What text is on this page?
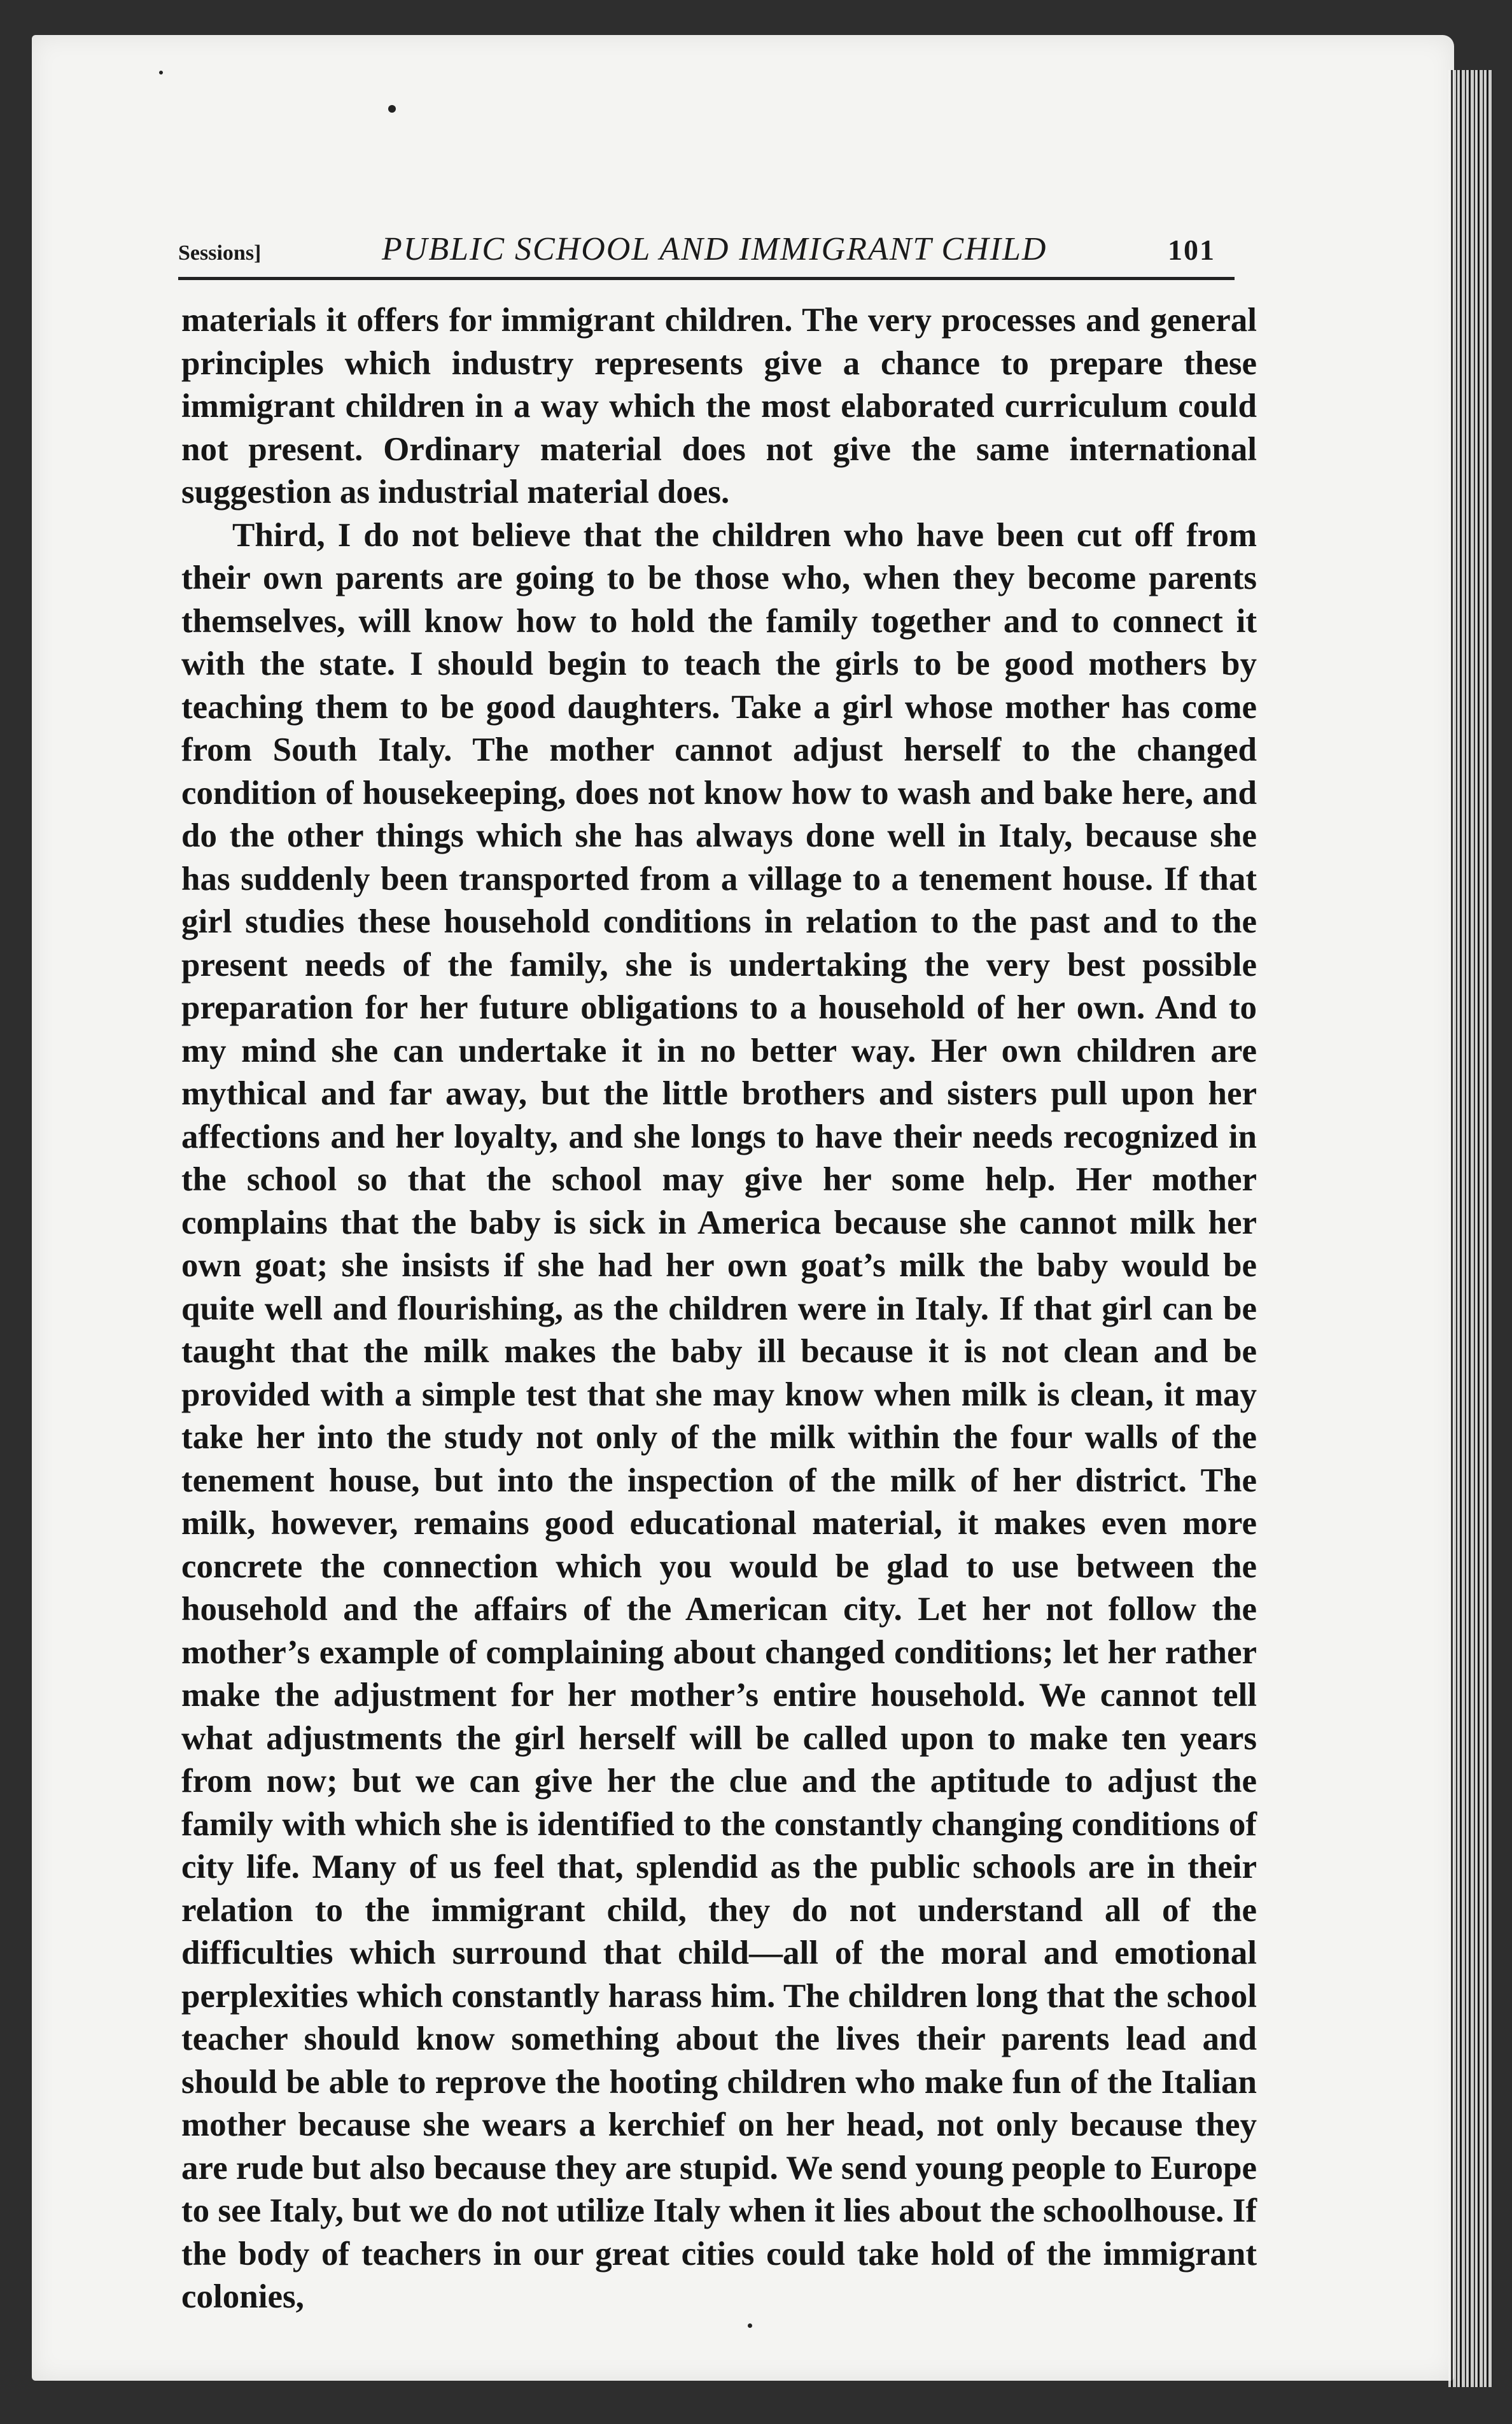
Sessions]	PUBLIC SCHOOL AND IMMIGRANT CHILD	101

materials it offers for immigrant children. The very processes and general principles which industry represents give a chance to prepare these immigrant children in a way which the most elaborated curriculum could not present. Ordinary material does not give the same international suggestion as industrial material does.

Third, I do not believe that the children who have been cut off from their own parents are going to be those who, when they become parents themselves, will know how to hold the family together and to connect it with the state. I should begin to teach the girls to be good mothers by teaching them to be good daughters. Take a girl whose mother has come from South Italy. The mother cannot adjust herself to the changed condition of housekeeping, does not know how to wash and bake here, and do the other things which she has always done well in Italy, because she has suddenly been transported from a village to a tenement house. If that girl studies these household conditions in relation to the past and to the present needs of the family, she is undertaking the very best possible preparation for her future obligations to a household of her own. And to my mind she can undertake it in no better way. Her own children are mythical and far away, but the little brothers and sisters pull upon her affections and her loyalty, and she longs to have their needs recognized in the school so that the school may give her some help. Her mother complains that the baby is sick in America because she cannot milk her own goat; she insists if she had her own goat’s milk the baby would be quite well and flourishing, as the children were in Italy. If that girl can be taught that the milk makes the baby ill because it is not clean and be provided with a simple test that she may know when milk is clean, it may take her into the study not only of the milk within the four walls of the tenement house, but into the inspection of the milk of her district. The milk, however, remains good educational material, it makes even more concrete the connection which you would be glad to use between the household and the affairs of the American city. Let her not follow the mother’s example of complaining about changed conditions; let her rather make the adjustment for her mother’s entire household. We cannot tell what adjustments the girl herself will be called upon to make ten years from now; but we can give her the clue and the aptitude to adjust the family with which she is identified to the constantly changing conditions of city life. Many of us feel that, splendid as the public schools are in their relation to the immigrant child, they do not understand all of the difficulties which surround that child—all of the moral and emotional perplexities which constantly harass him. The children long that the school teacher should know something about the lives their parents lead and should be able to reprove the hooting children who make fun of the Italian mother because she wears a kerchief on her head, not only because they are rude but also because they are stupid. We send young people to Europe to see Italy, but we do not utilize Italy when it lies about the schoolhouse. If the body of teachers in our great cities could take hold of the immigrant colonies,
